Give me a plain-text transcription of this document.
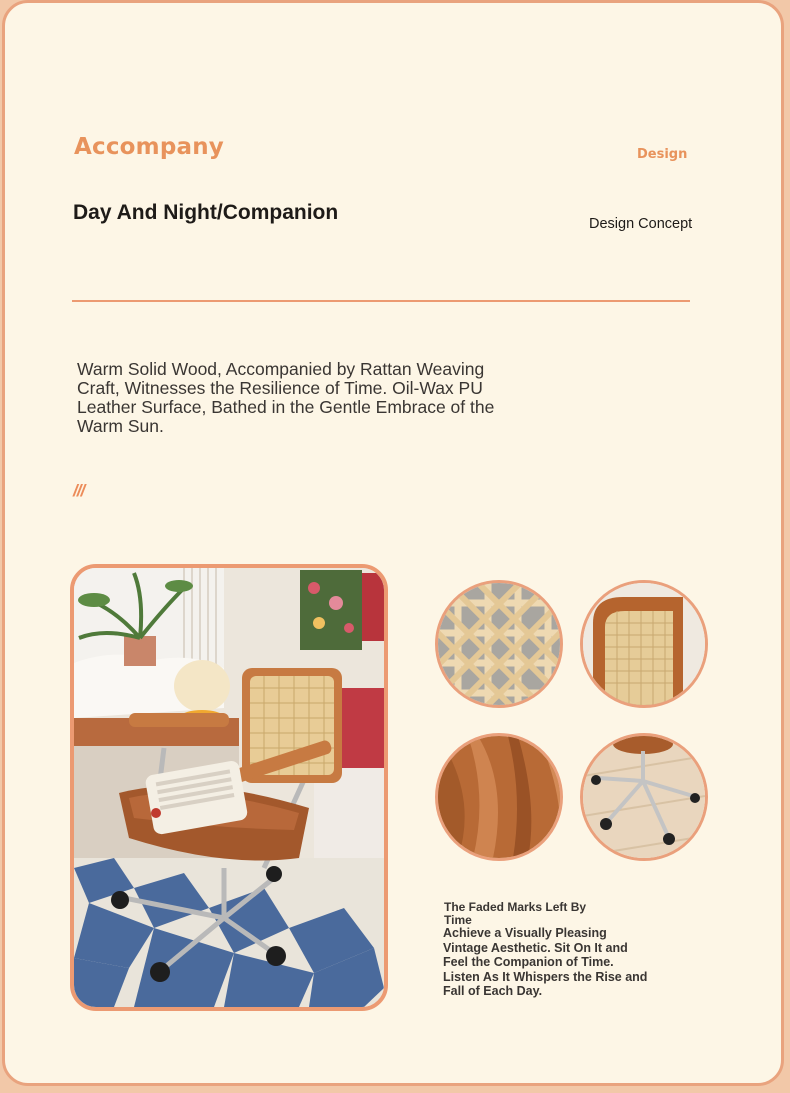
Accompany	Design
Day And Night/Companion	Design Concept
Warm Solid Wood, Accompanied by Rattan Weaving Craft, Witnesses the Resilience of Time. Oil-Wax PU Leather Surface, Bathed in the Gentle Embrace of the Warm Sun.
///
The Faded Marks Left By Time
Achieve a Visually Pleasing Vintage Aesthetic. Sit On It and Feel the Companion of Time. Listen As It Whispers the Rise and Fall of Each Day.
